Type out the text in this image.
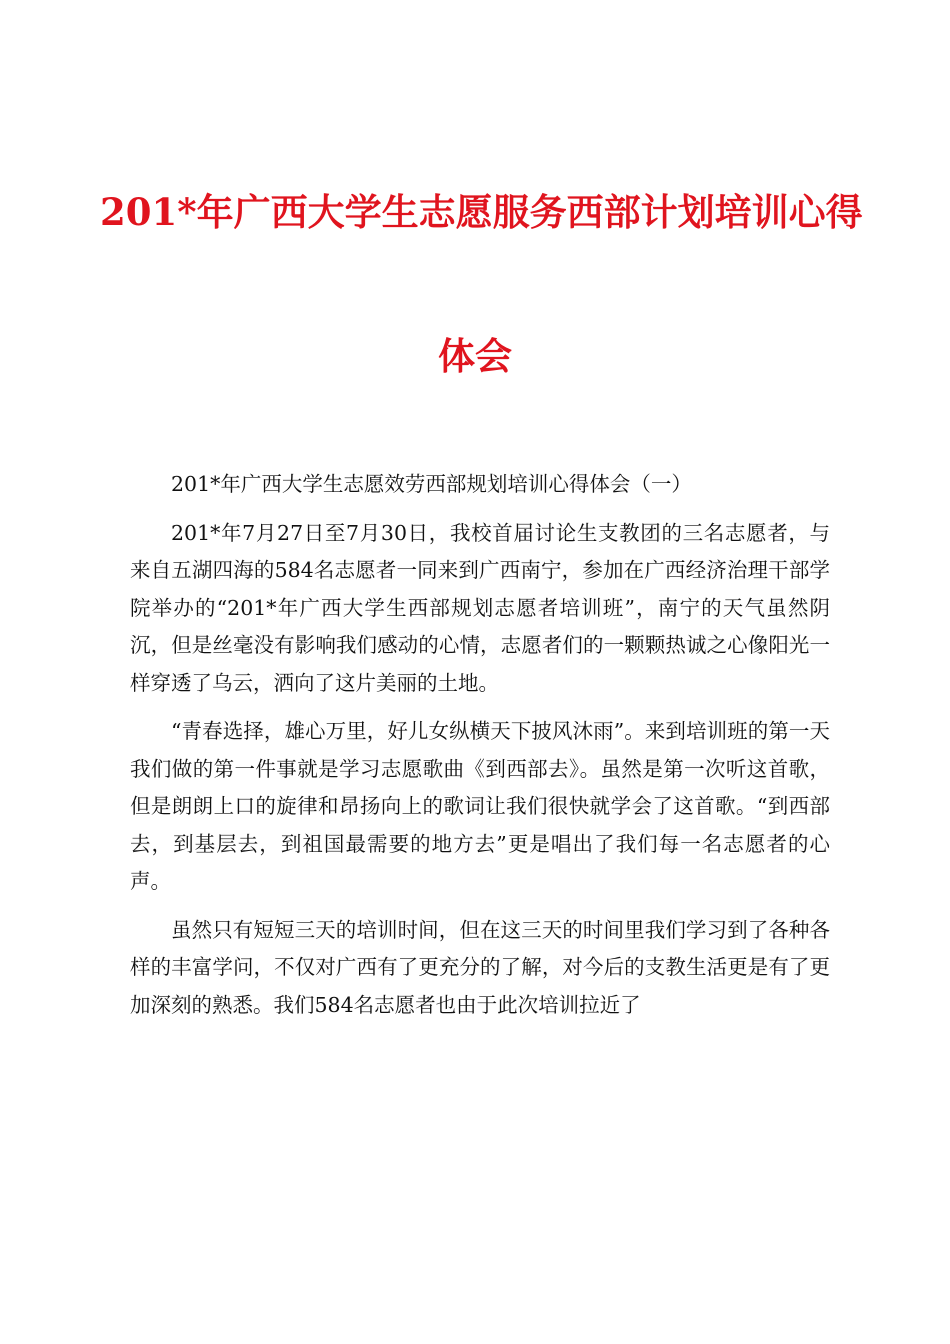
201*年广西大学生志愿服务西部计划培训心得
体会

201*年广西大学生志愿效劳西部规划培训心得体会（一）

201*年7月27日至7月30日，我校首届讨论生支教团的三名志愿者，与来自五湖四海的584名志愿者一同来到广西南宁，参加在广西经济治理干部学院举办的“201*年广西大学生西部规划志愿者培训班”，南宁的天气虽然阴沉，但是丝毫没有影响我们感动的心情，志愿者们的一颗颗热诚之心像阳光一样穿透了乌云，洒向了这片美丽的土地。

“青春选择，雄心万里，好儿女纵横天下披风沐雨”。来到培训班的第一天我们做的第一件事就是学习志愿歌曲《到西部去》。虽然是第一次听这首歌，但是朗朗上口的旋律和昂扬向上的歌词让我们很快就学会了这首歌。“到西部去，到基层去，到祖国最需要的地方去”更是唱出了我们每一名志愿者的心声。

虽然只有短短三天的培训时间，但在这三天的时间里我们学习到了各种各样的丰富学问，不仅对广西有了更充分的了解，对今后的支教生活更是有了更加深刻的熟悉。我们584名志愿者也由于此次培训拉近了
